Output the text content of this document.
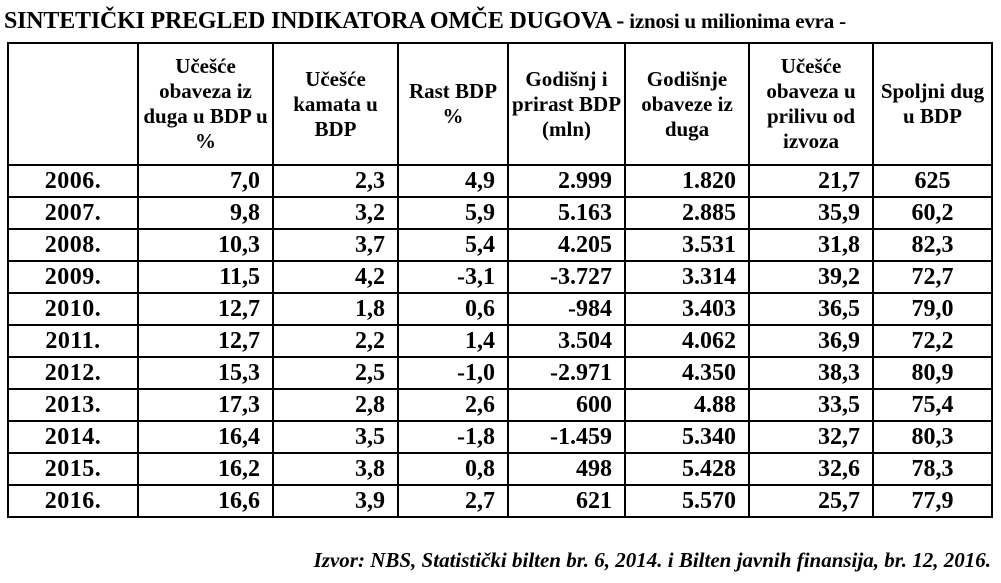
SINTETIČKI PREGLED INDIKATORA OMČE DUGOVA - iznosi u milionima evra -
	Učešće obaveza iz duga u BDP u %	Učešće kamata u BDP	Rast BDP %	Godišnj i prirast BDP (mln)	Godišnje obaveze iz duga	Učešće obaveza u prilivu od izvoza	Spoljni dug u BDP
2006.	7,0	2,3	4,9	2.999	1.820	21,7	625
2007.	9,8	3,2	5,9	5.163	2.885	35,9	60,2
2008.	10,3	3,7	5,4	4.205	3.531	31,8	82,3
2009.	11,5	4,2	-3,1	-3.727	3.314	39,2	72,7
2010.	12,7	1,8	0,6	-984	3.403	36,5	79,0
2011.	12,7	2,2	1,4	3.504	4.062	36,9	72,2
2012.	15,3	2,5	-1,0	-2.971	4.350	38,3	80,9
2013.	17,3	2,8	2,6	600	4.88	33,5	75,4
2014.	16,4	3,5	-1,8	-1.459	5.340	32,7	80,3
2015.	16,2	3,8	0,8	498	5.428	32,6	78,3
2016.	16,6	3,9	2,7	621	5.570	25,7	77,9
Izvor: NBS, Statistički bilten br. 6, 2014. i Bilten javnih finansija, br. 12, 2016.
